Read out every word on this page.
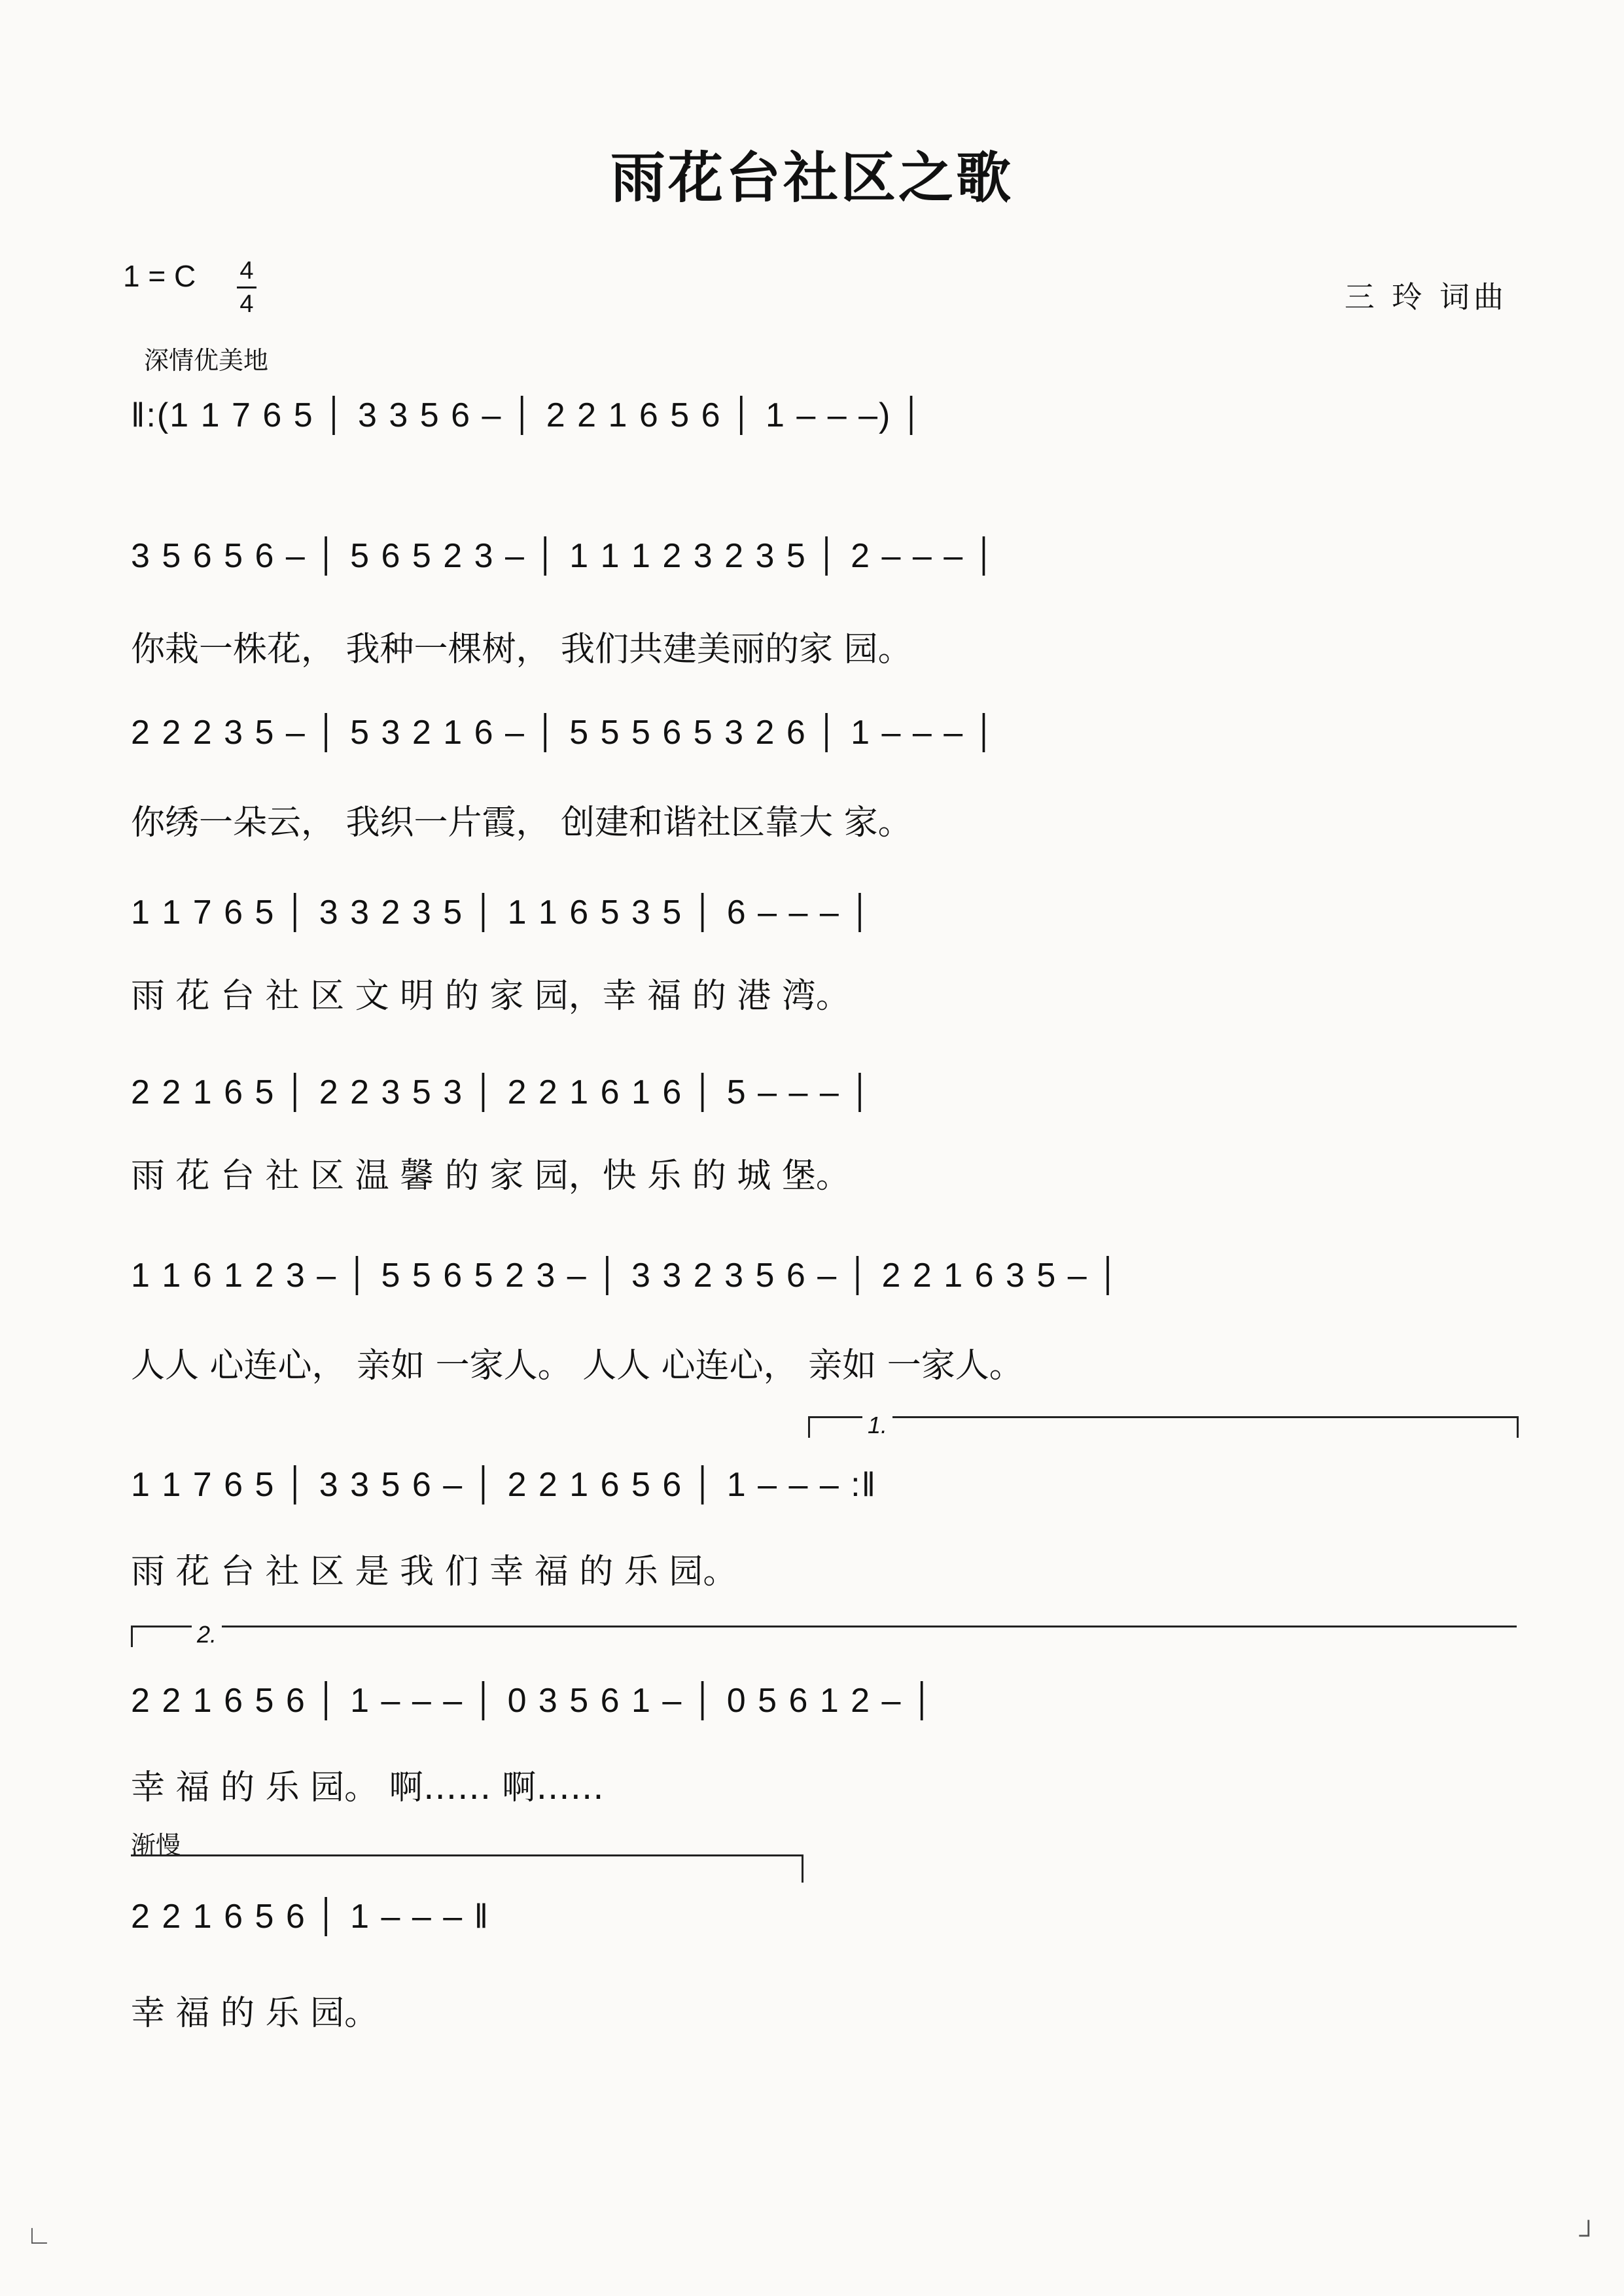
雨花台社区之歌
1 = C 4
4	三 玲 词曲
深情优美地
‖:(1 1 7 6 5 │ 3 3 5 6 – │ 2 2 1 6 5 6 │ 1 – – –) │
3 5 6 5 6 – │ 5 6 5 2 3 – │ 1 1 1 2 3 2 3 5 │ 2 – – – │
你栽一株花， 我种一棵树， 我们共建美丽的家 园。
2 2 2 3 5 – │ 5 3 2 1 6 – │ 5 5 5 6 5 3 2 6 │ 1 – – – │
你绣一朵云， 我织一片霞， 创建和谐社区靠大 家。
1 1 7 6 5 │ 3 3 2 3 5 │ 1 1 6 5 3 5 │ 6 – – – │
雨 花 台 社 区 文 明 的 家 园，幸 福 的 港 湾。
2 2 1 6 5 │ 2 2 3 5 3 │ 2 2 1 6 1 6 │ 5 – – – │
雨 花 台 社 区 温 馨 的 家 园，快 乐 的 城 堡。
1 1 6 1 2 3 – │ 5 5 6 5 2 3 – │ 3 3 2 3 5 6 – │ 2 2 1 6 3 5 – │
人人 心连心， 亲如 一家人。 人人 心连心， 亲如 一家人。
1.
1 1 7 6 5 │ 3 3 5 6 – │ 2 2 1 6 5 6 │ 1 – – – :‖
雨 花 台 社 区 是 我 们 幸 福 的 乐 园。
2.
2 2 1 6 5 6 │ 1 – – – │ 0 3 5 6 1 – │ 0 5 6 1 2 – │
幸 福 的 乐 园。 啊…… 啊……
渐慢
2 2 1 6 5 6 │ 1 – – – ‖
幸 福 的 乐 园。
∟	┘
